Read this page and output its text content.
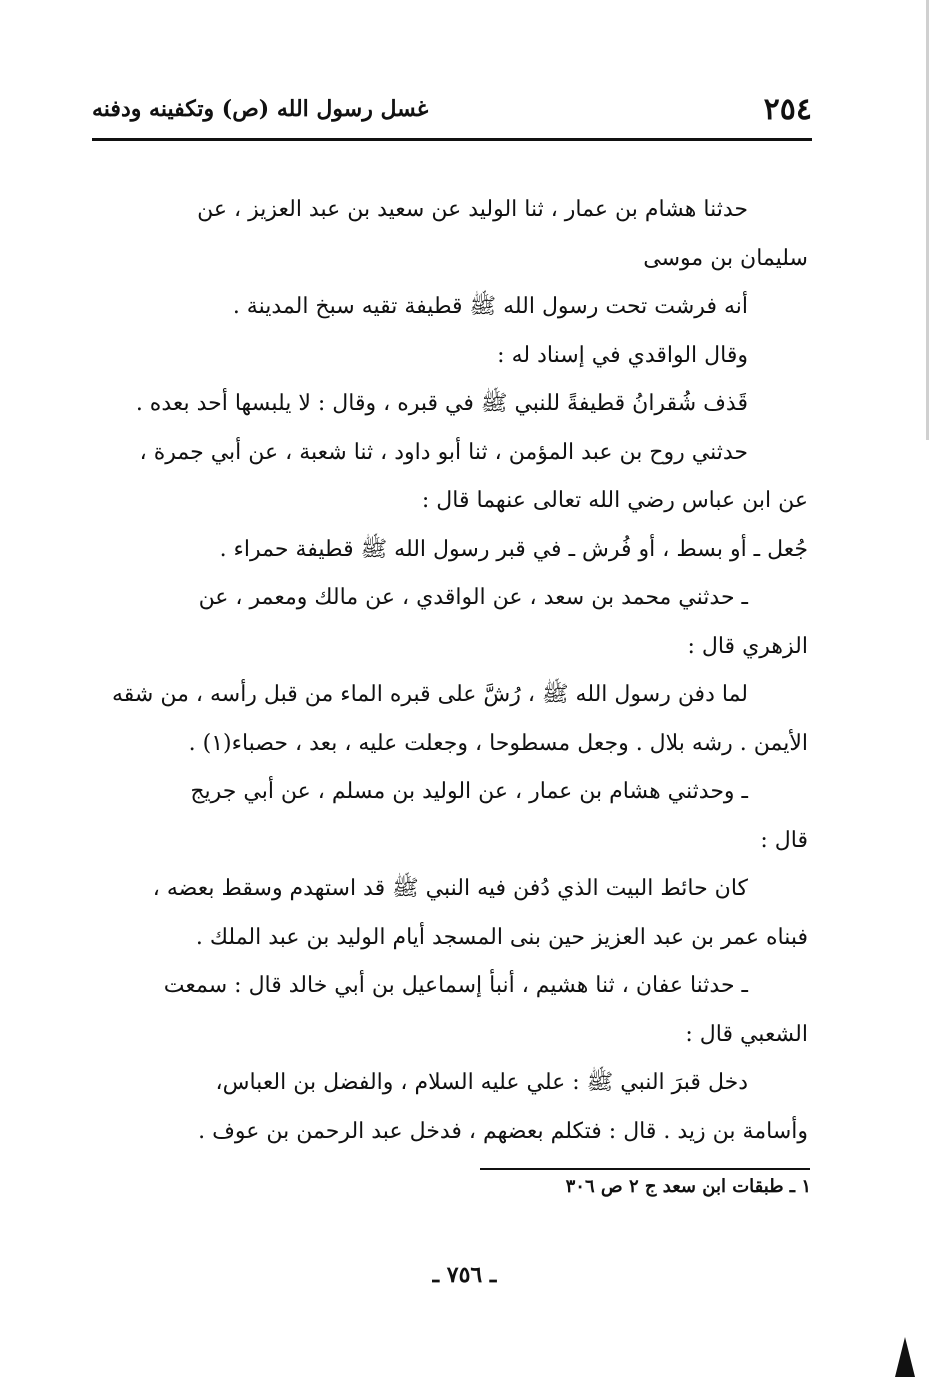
٢٥٤
غسل رسول الله (ص) وتكفينه ودفنه
حدثنا هشام بن عمار ، ثنا الوليد عن سعيد بن عبد العزيز ، عن
سليمان بن موسى
أنه فرشت تحت رسول الله ﷺ قطيفة تقيه سبخ المدينة .
وقال الواقدي في إسناد له :
قَذف شُقرانُ قطيفةً للنبي ﷺ في قبره ، وقال : لا يلبسها أحد بعده .
حدثني روح بن عبد المؤمن ، ثنا أبو داود ، ثنا شعبة ، عن أبي جمرة ،
عن ابن عباس رضي الله تعالى عنهما قال :
جُعل ـ أو بسط ، أو فُرش ـ في قبر رسول الله ﷺ قطيفة حمراء .
ـ حدثني محمد بن سعد ، عن الواقدي ، عن مالك ومعمر ، عن
الزهري قال :
لما دفن رسول الله ﷺ ، رُشَّ على قبره الماء من قبل رأسه ، من شقه
الأيمن . رشه بلال . وجعل مسطوحا ، وجعلت عليه ، بعد ، حصباء(١) .
ـ وحدثني هشام بن عمار ، عن الوليد بن مسلم ، عن أبي جريج
قال :
كان حائط البيت الذي دُفن فيه النبي ﷺ قد استهدم وسقط بعضه ،
فبناه عمر بن عبد العزيز حين بنى المسجد أيام الوليد بن عبد الملك .
ـ حدثنا عفان ، ثنا هشيم ، أنبأ إسماعيل بن أبي خالد قال : سمعت
الشعبي قال :
دخل قبرَ النبي ﷺ : علي عليه السلام ، والفضل بن العباس،
وأسامة بن زيد . قال : فتكلم بعضهم ، فدخل عبد الرحمن بن عوف .
١ ـ طبقات ابن سعد ج ٢ ص ٣٠٦
ـ ٧٥٦ ـ
